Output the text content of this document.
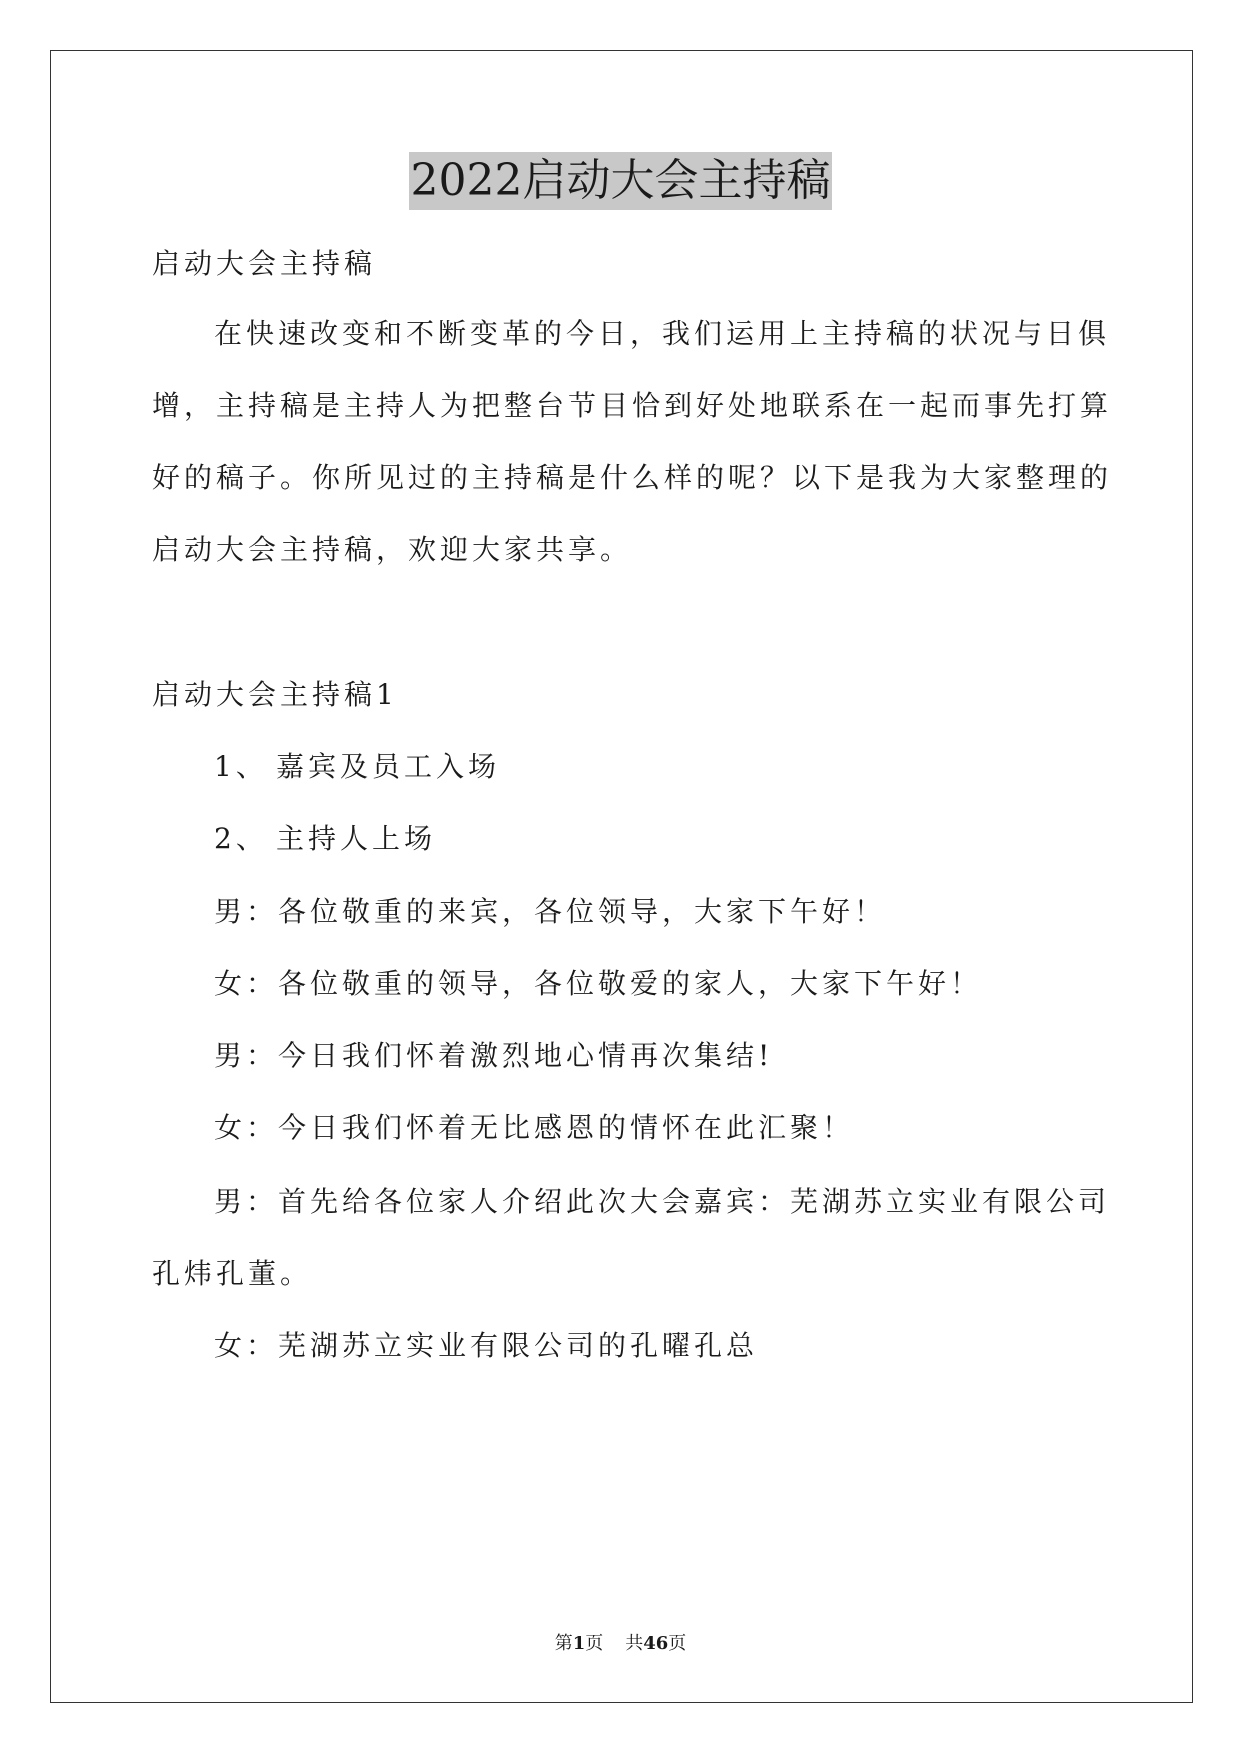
2022启动大会主持稿
启动大会主持稿
在快速改变和不断变革的今日，我们运用上主持稿的状况与日俱
增，主持稿是主持人为把整台节目恰到好处地联系在一起而事先打算
好的稿子。你所见过的主持稿是什么样的呢？以下是我为大家整理的
启动大会主持稿，欢迎大家共享。
启动大会主持稿1
1、 嘉宾及员工入场
2、 主持人上场
男：各位敬重的来宾，各位领导，大家下午好！
女：各位敬重的领导，各位敬爱的家人，大家下午好！
男：今日我们怀着激烈地心情再次集结!
女：今日我们怀着无比感恩的情怀在此汇聚！
男：首先给各位家人介绍此次大会嘉宾：芜湖苏立实业有限公司
孔炜孔董。
女：芜湖苏立实业有限公司的孔曜孔总
第1页 共46页
